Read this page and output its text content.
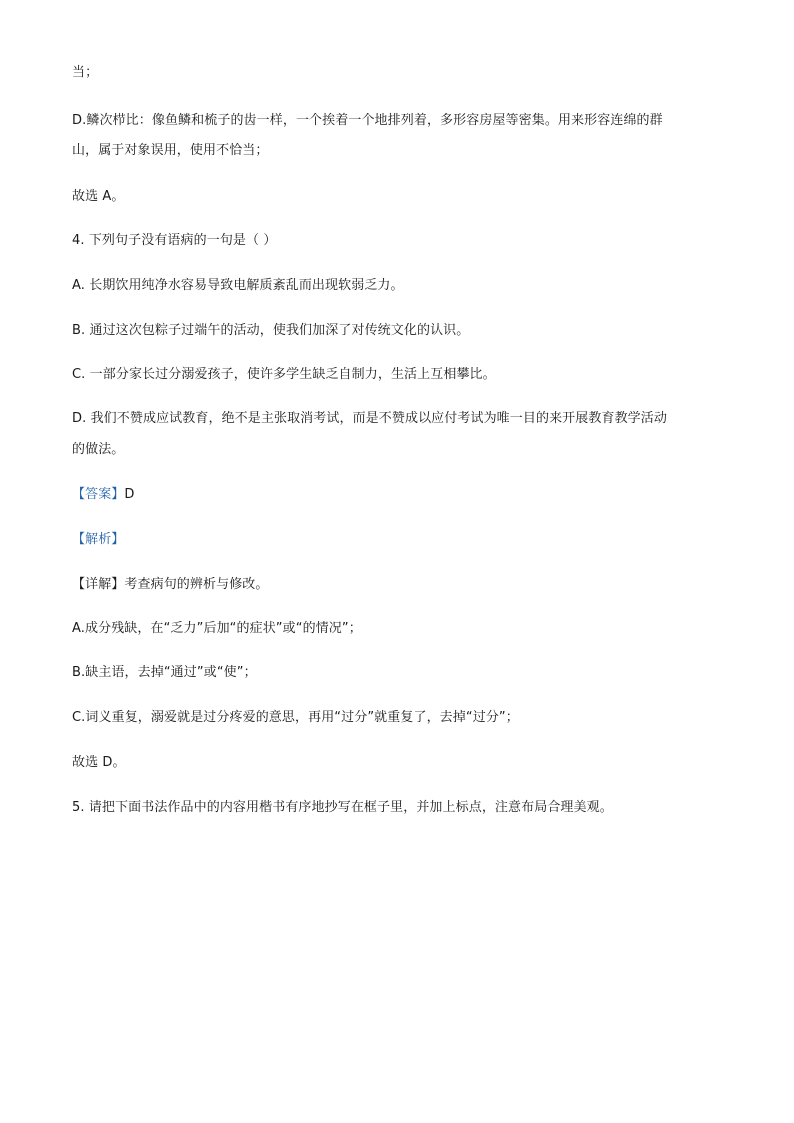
当；
D.鳞次栉比：像鱼鳞和梳子的齿一样，一个挨着一个地排列着，多形容房屋等密集。用来形容连绵的群
山，属于对象误用，使用不恰当；
故选 A。
4. 下列句子没有语病的一句是（ ）
A. 长期饮用纯净水容易导致电解质紊乱而出现软弱乏力。
B. 通过这次包粽子过端午的活动，使我们加深了对传统文化的认识。
C. 一部分家长过分溺爱孩子，使许多学生缺乏自制力，生活上互相攀比。
D. 我们不赞成应试教育，绝不是主张取消考试，而是不赞成以应付考试为唯一目的来开展教育教学活动
的做法。
【答案】D
【解析】
【详解】考查病句的辨析与修改。
A.成分残缺，在“乏力”后加“的症状”或“的情况”；
B.缺主语，去掉“通过”或“使”；
C.词义重复，溺爱就是过分疼爱的意思，再用“过分”就重复了，去掉“过分”；
故选 D。
5. 请把下面书法作品中的内容用楷书有序地抄写在框子里，并加上标点，注意布局合理美观。
